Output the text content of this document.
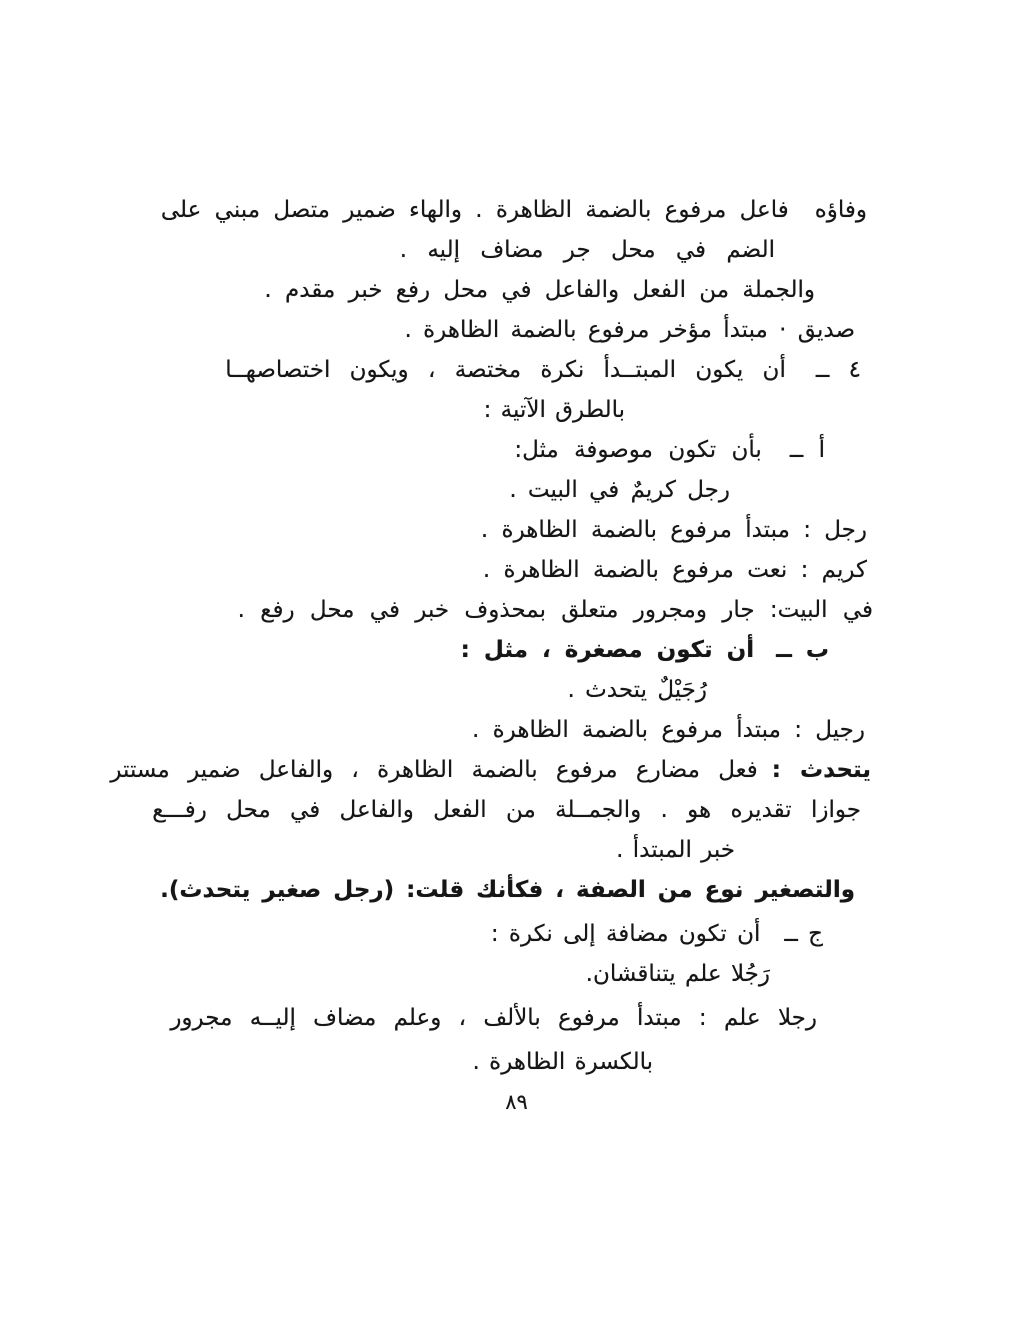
وفاؤهفاعل مرفوع بالضمة الظاهرة . والهاء ضمير متصل مبني على
الضم في محل جر مضاف إليه .
والجملة من الفعل والفاعل في محل رفع خبر مقدم .
صديق · مبتدأ مؤخر مرفوع بالضمة الظاهرة .
٤ ــأن يكون المبتــدأ نكرة مختصة ، ويكون اختصاصهــا
بالطرق الآتية :
أ ــبأن تكون موصوفة مثل:
رجل كريمٌ في البيت .
رجل : مبتدأ مرفوع بالضمة الظاهرة .
كريم : نعت مرفوع بالضمة الظاهرة .
في البيت: جار ومجرور متعلق بمحذوف خبر في محل رفع .
ب ــأن تكون مصغرة ، مثل :
رُجَيْلٌ يتحدث .
رجيل : مبتدأ مرفوع بالضمة الظاهرة .
يتحدث :فعل مضارع مرفوع بالضمة الظاهرة ، والفاعل ضمير مستتر
جوازا تقديره هو . والجمــلة من الفعل والفاعل في محل رفـــع
خبر المبتدأ .
والتصغير نوع من الصفة ، فكأنك قلت: (رجل صغير يتحدث).
ج ــأن تكون مضافة إلى نكرة :
رَجُلا علم يتناقشان.
رجلا علم : مبتدأ مرفوع بالألف ، وعلم مضاف إليــه مجرور
بالكسرة الظاهرة .
٨٩
